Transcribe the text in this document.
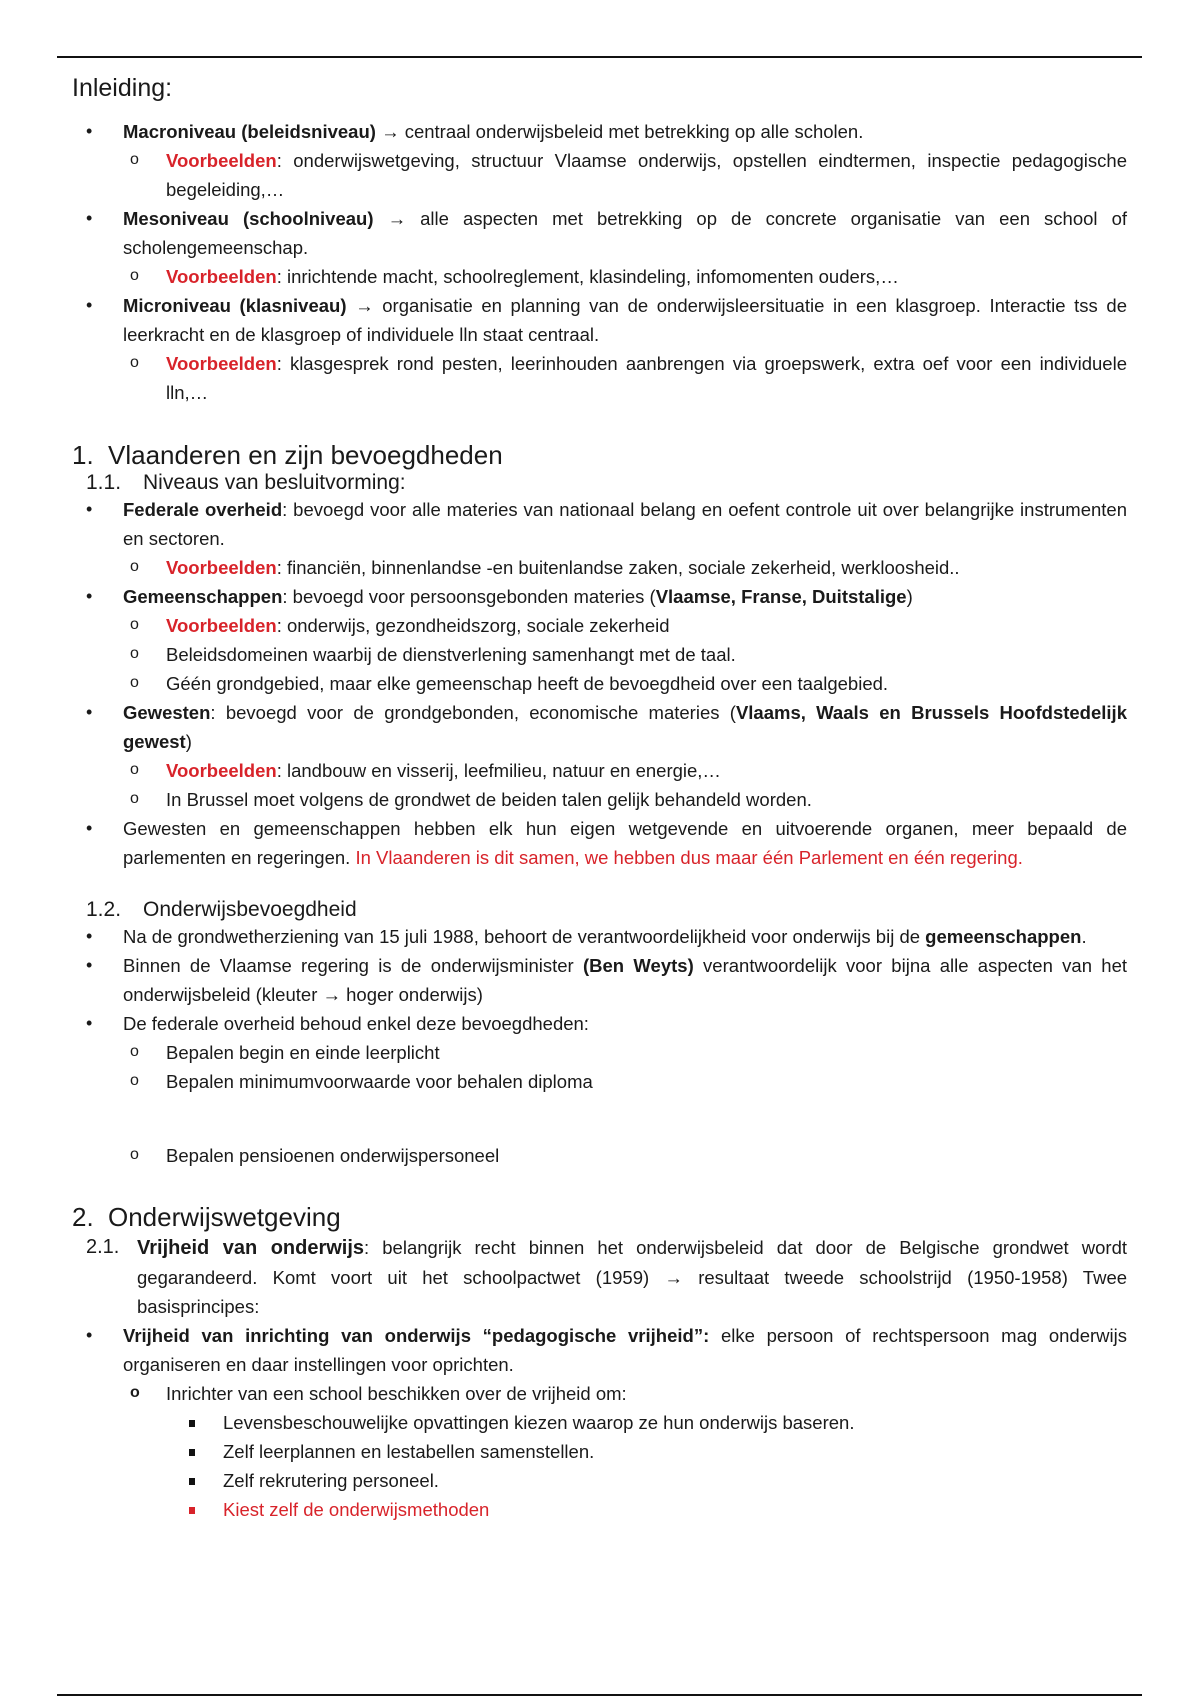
Inleiding:

• Macroniveau (beleidsniveau) → centraal onderwijsbeleid met betrekking op alle scholen.
o Voorbeelden: onderwijswetgeving, structuur Vlaamse onderwijs, opstellen eindtermen, inspectie pedagogische begeleiding,…
• Mesoniveau (schoolniveau) → alle aspecten met betrekking op de concrete organisatie van een school of scholengemeenschap.
o Voorbeelden: inrichtende macht, schoolreglement, klasindeling, infomomenten ouders,…
• Microniveau (klasniveau) → organisatie en planning van de onderwijsleersituatie in een klasgroep. Interactie tss de leerkracht en de klasgroep of individuele lln staat centraal.
o Voorbeelden: klasgesprek rond pesten, leerinhouden aanbrengen via groepswerk, extra oef voor een individuele lln,…

1. Vlaanderen en zijn bevoegdheden

1.1.	Niveaus van besluitvorming:

• Federale overheid: bevoegd voor alle materies van nationaal belang en oefent controle uit over belangrijke instrumenten en sectoren.
o Voorbeelden: financiën, binnenlandse -en buitenlandse zaken, sociale zekerheid, werkloosheid..
• Gemeenschappen: bevoegd voor persoonsgebonden materies (Vlaamse, Franse, Duitstalige)
o Voorbeelden: onderwijs, gezondheidszorg, sociale zekerheid
o Beleidsdomeinen waarbij de dienstverlening samenhangt met de taal.
o Géén grondgebied, maar elke gemeenschap heeft de bevoegdheid over een taalgebied.
• Gewesten: bevoegd voor de grondgebonden, economische materies (Vlaams, Waals en Brussels Hoofdstedelijk gewest)
o Voorbeelden: landbouw en visserij, leefmilieu, natuur en energie,…
o In Brussel moet volgens de grondwet de beiden talen gelijk behandeld worden.
• Gewesten en gemeenschappen hebben elk hun eigen wetgevende en uitvoerende organen, meer bepaald de parlementen en regeringen. In Vlaanderen is dit samen, we hebben dus maar één Parlement en één regering.

1.2.	Onderwijsbevoegdheid

• Na de grondwetherziening van 15 juli 1988, behoort de verantwoordelijkheid voor onderwijs bij de gemeenschappen.
• Binnen de Vlaamse regering is de onderwijsminister (Ben Weyts) verantwoordelijk voor bijna alle aspecten van het onderwijsbeleid (kleuter → hoger onderwijs)
• De federale overheid behoud enkel deze bevoegdheden:
o Bepalen begin en einde leerplicht
o Bepalen minimumvoorwaarde voor behalen diploma
o Bepalen pensioenen onderwijspersoneel

2. Onderwijswetgeving

2.1. Vrijheid van onderwijs: belangrijk recht binnen het onderwijsbeleid dat door de Belgische grondwet wordt gegarandeerd. Komt voort uit het schoolpactwet (1959) → resultaat tweede schoolstrijd (1950-1958) Twee basisprincipes:
• Vrijheid van inrichting van onderwijs “pedagogische vrijheid”: elke persoon of rechtspersoon mag onderwijs organiseren en daar instellingen voor oprichten.
o Inrichter van een school beschikken over de vrijheid om:
Levensbeschouwelijke opvattingen kiezen waarop ze hun onderwijs baseren.
Zelf leerplannen en lestabellen samenstellen.
Zelf rekrutering personeel.
Kiest zelf de onderwijsmethoden
